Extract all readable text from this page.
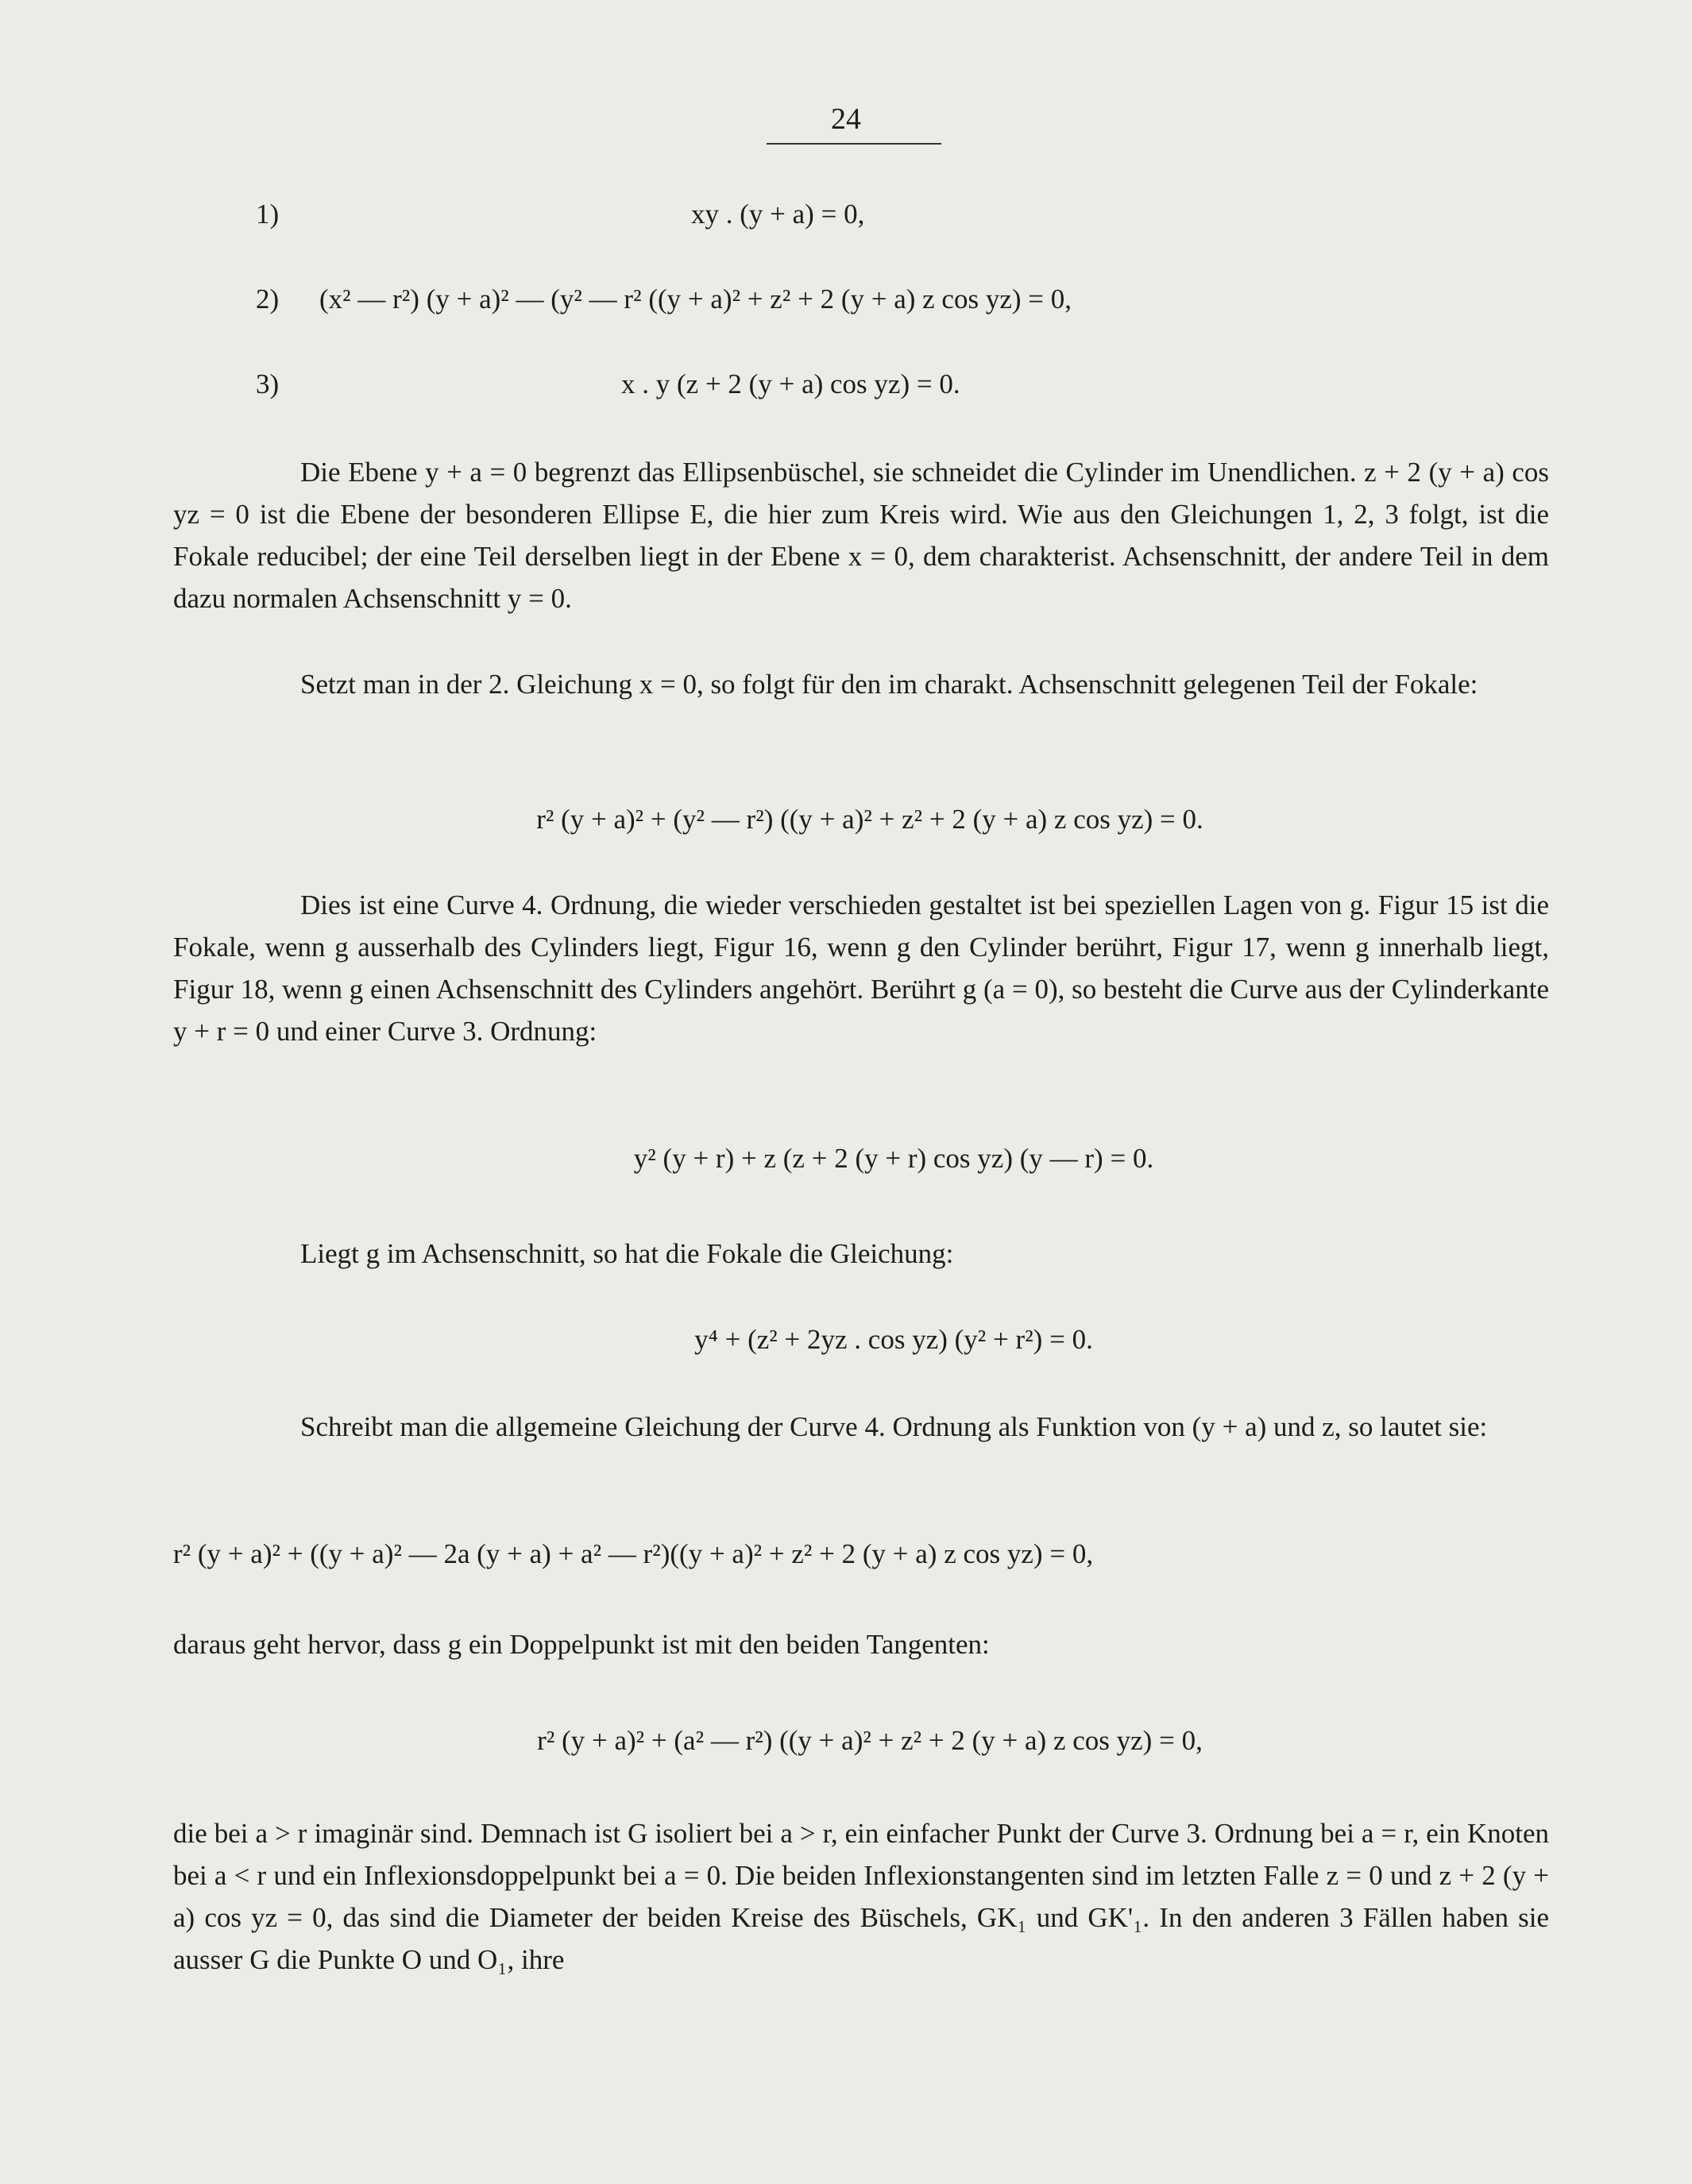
24
1)	xy . (y + a) = 0,
2) (x² — r²) (y + a)² — (y² — r² ((y + a)² + z² + 2 (y + a) z cos yz) = 0,
3)	x . y (z + 2 (y + a) cos yz) = 0.

Die Ebene y + a = 0 begrenzt das Ellipsenbüschel, sie schneidet die Cylinder im Unendlichen. z + 2 (y + a) cos yz = 0 ist die Ebene der besonderen Ellipse E, die hier zum Kreis wird. Wie aus den Gleichungen 1, 2, 3 folgt, ist die Fokale reducibel; der eine Teil derselben liegt in der Ebene x = 0, dem charakterist. Achsenschnitt, der andere Teil in dem dazu normalen Achsenschnitt y = 0.

Setzt man in der 2. Gleichung x = 0, so folgt für den im charakt. Achsenschnitt gelegenen Teil der Fokale:

r² (y + a)² + (y² — r²) ((y + a)² + z² + 2 (y + a) z cos yz) = 0.

Dies ist eine Curve 4. Ordnung, die wieder verschieden gestaltet ist bei speziellen Lagen von g. Figur 15 ist die Fokale, wenn g ausserhalb des Cylinders liegt, Figur 16, wenn g den Cylinder berührt, Figur 17, wenn g innerhalb liegt, Figur 18, wenn g einen Achsenschnitt des Cylinders angehört. Berührt g (a = 0), so besteht die Curve aus der Cylinderkante y + r = 0 und einer Curve 3. Ordnung:

y² (y + r) + z (z + 2 (y + r) cos yz) (y — r) = 0.

Liegt g im Achsenschnitt, so hat die Fokale die Gleichung:

y⁴ + (z² + 2yz . cos yz) (y² + r²) = 0.

Schreibt man die allgemeine Gleichung der Curve 4. Ordnung als Funktion von (y + a) und z, so lautet sie:

r² (y + a)² + ((y + a)² — 2a (y + a) + a² — r²)((y + a)² + z² + 2 (y + a) z cos yz) = 0,

daraus geht hervor, dass g ein Doppelpunkt ist mit den beiden Tangenten:

r² (y + a)² + (a² — r²) ((y + a)² + z² + 2 (y + a) z cos yz) = 0,

die bei a > r imaginär sind. Demnach ist G isoliert bei a > r, ein einfacher Punkt der Curve 3. Ordnung bei a = r, ein Knoten bei a < r und ein Inflexionsdoppelpunkt bei a = 0. Die beiden Inflexionstangenten sind im letzten Falle z = 0 und z + 2 (y + a) cos yz = 0, das sind die Diameter der beiden Kreise des Büschels, GK₁ und GK'₁. In den anderen 3 Fällen haben sie ausser G die Punkte O und O₁, ihre
